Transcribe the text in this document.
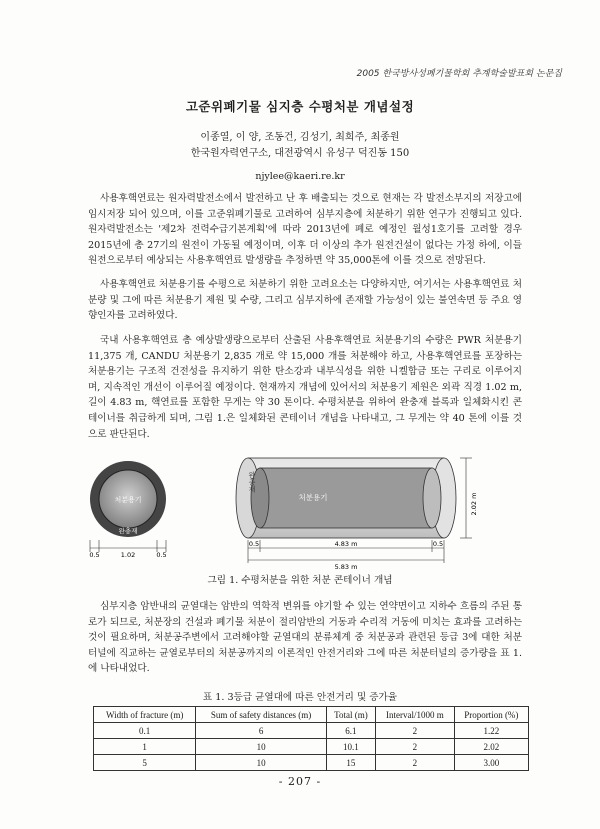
2005 한국방사성폐기물학회 추계학술발표회 논문집
고준위폐기물 심지층 수평처분 개념설정
이종열, 이 양, 조동건, 김성기, 최희주, 최종원
한국원자력연구소, 대전광역시 유성구 덕진동 150
njylee@kaeri.re.kr

사용후핵연료는 원자력발전소에서 발전하고 난 후 배출되는 것으로 현재는 각 발전소부지의 저장고에 임시저장 되어 있으며, 이를 고준위폐기물로 고려하여 심부지층에 처분하기 위한 연구가 진행되고 있다. 원자력발전소는 '제2차 전력수급기본계획'에 따라 2013년에 폐로 예정인 월성1호기를 고려할 경우 2015년에 총 27기의 원전이 가동될 예정이며, 이후 더 이상의 추가 원전건설이 없다는 가정 하에, 이들 원전으로부터 예상되는 사용후핵연료 발생량을 추정하면 약 35,000톤에 이를 것으로 전망된다.

사용후핵연료 처분용기를 수평으로 처분하기 위한 고려요소는 다양하지만, 여기서는 사용후핵연료 처분량 및 그에 따른 처분용기 제원 및 수량, 그리고 심부지하에 존재할 가능성이 있는 불연속면 등 주요 영향인자를 고려하였다.

국내 사용후핵연료 총 예상발생량으로부터 산출된 사용후핵연료 처분용기의 수량은 PWR 처분용기 11,375 개, CANDU 처분용기 2,835 개로 약 15,000 개를 처분해야 하고, 사용후핵연료를 포장하는 처분용기는 구조적 건전성을 유지하기 위한 탄소강과 내부식성을 위한 니켈합금 또는 구리로 이루어지며, 지속적인 개선이 이루어질 예정이다. 현재까지 개념에 있어서의 처분용기 제원은 외곽 직경 1.02 m, 길이 4.83 m, 핵연료를 포함한 무게는 약 30 톤이다. 수평처분을 위하여 완충재 블록과 일체화시킨 콘테이너를 취급하게 되며, 그림 1.은 일체화된 콘테이너 개념을 나타내고, 그 무게는 약 40 톤에 이를 것으로 판단된다.

처분용기
완충재
0.5	1.02	0.5
처분용기
완충재
2.02 m
0.5	4.83 m	0.5
5.83 m
그림 1. 수평처분을 위한 처분 콘테이너 개념

심부지층 암반내의 균열대는 암반의 역학적 변위를 야기할 수 있는 연약면이고 지하수 흐름의 주된 통로가 되므로, 처분장의 건설과 폐기물 처분이 절리암반의 거동과 수리적 거동에 미치는 효과를 고려하는 것이 필요하며, 처분공주변에서 고려해야할 균열대의 분류체계 중 처분공과 관련된 등급 3에 대한 처분터널에 직교하는 균열로부터의 처분공까지의 이론적인 안전거리와 그에 따른 처분터널의 증가량을 표 1.에 나타내었다.

표 1. 3등급 균열대에 따른 안전거리 및 증가율
Width of fracture (m)	Sum of safety distances (m)	Total (m)	Interval/1000 m	Proportion (%)
0.1	6	6.1	2	1.22
1	10	10.1	2	2.02
5	10	15	2	3.00
- 207 -
